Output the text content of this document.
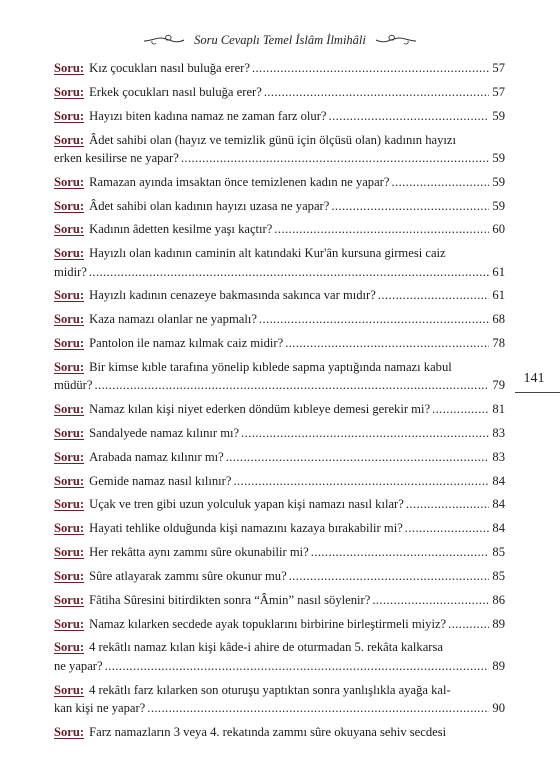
Soru Cevaplı Temel İslâm İlmihâli
Soru: Kız çocukları nasıl buluğa erer? .....	57
Soru: Erkek çocukları nasıl buluğa erer? .....	57
Soru: Hayızı biten kadına namaz ne zaman farz olur? .....	59
Soru: Âdet sahibi olan (hayız ve temizlik günü için ölçüsü olan) kadının hayızı
erken kesilirse ne yapar? .....	59
Soru: Ramazan ayında imsaktan önce temizlenen kadın ne yapar? .....	59
Soru: Âdet sahibi olan kadının hayızı uzasa ne yapar? .....	59
Soru: Kadının âdetten kesilme yaşı kaçtır? .....	60
Soru: Hayızlı olan kadının caminin alt katındaki Kur'ân kursuna girmesi caiz
midir? .....	61
Soru: Hayızlı kadının cenazeye bakmasında sakınca var mıdır? .....	61
Soru: Kaza namazı olanlar ne yapmalı? .....	68
Soru: Pantolon ile namaz kılmak caiz midir? .....	78
Soru: Bir kimse kıble tarafına yönelip kıblede sapma yaptığında namazı kabul
müdür? .....	79
Soru: Namaz kılan kişi niyet ederken döndüm kıbleye demesi gerekir mi? .....	81
Soru: Sandalyede namaz kılınır mı? .....	83
Soru: Arabada namaz kılınır mı? .....	83
Soru: Gemide namaz nasıl kılınır? .....	84
Soru: Uçak ve tren gibi uzun yolculuk yapan kişi namazı nasıl kılar? .....	84
Soru: Hayati tehlike olduğunda kişi namazını kazaya bırakabilir mi? .....	84
Soru: Her rekâtta aynı zammı sûre okunabilir mi? .....	85
Soru: Sûre atlayarak zammı sûre okunur mu? .....	85
Soru: Fâtiha Sûresini bitirdikten sonra “Âmin” nasıl söylenir? .....	86
Soru: Namaz kılarken secdede ayak topuklarını birbirine birleştirmeli miyiz? .....	89
Soru: 4 rekâtlı namaz kılan kişi kâde-i ahire de oturmadan 5. rekâta kalkarsa
ne yapar? .....	89
Soru: 4 rekâtlı farz kılarken son oturuşu yaptıktan sonra yanlışlıkla ayağa kal-
kan kişi ne yapar? .....	90
Soru: Farz namazların 3 veya 4. rekatında zammı sûre okuyana sehiv secdesi
141
